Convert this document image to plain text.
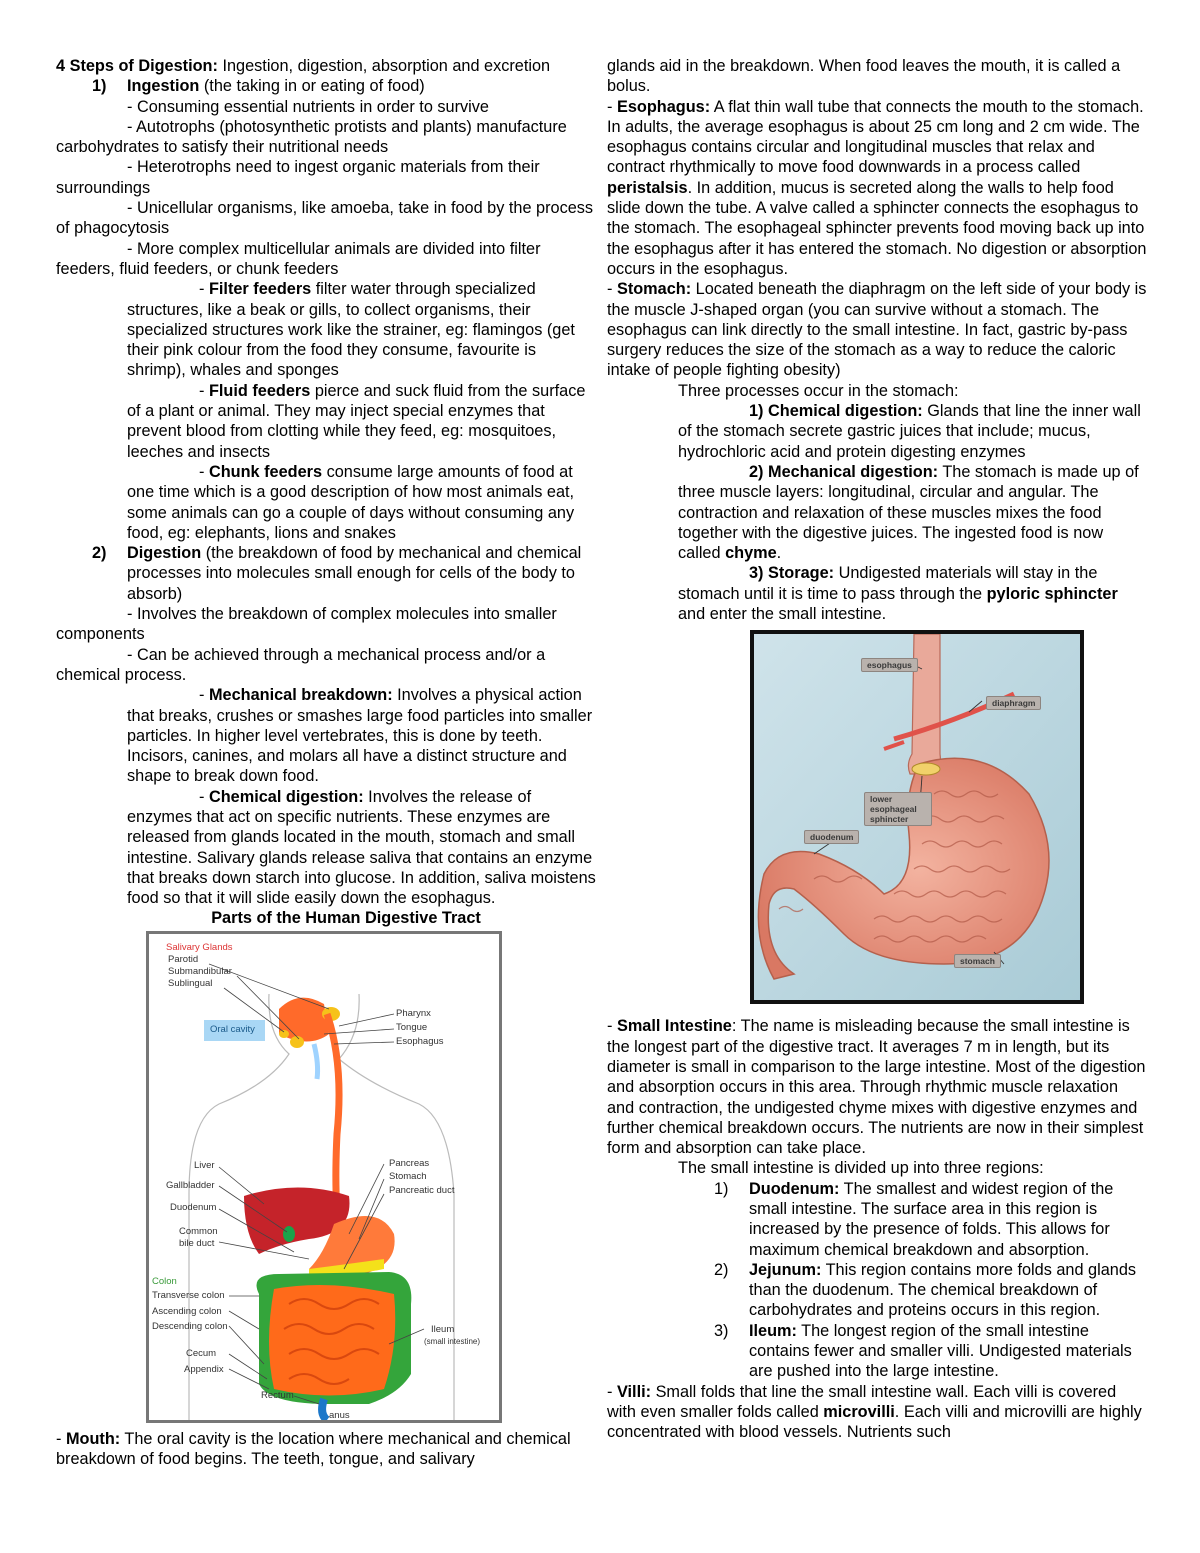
4 Steps of Digestion: Ingestion, digestion, absorption and excretion

1)	Ingestion (the taking in or eating of food)

- Consuming essential nutrients in order to survive

- Autotrophs (photosynthetic protists and plants) manufacture carbohydrates to satisfy their nutritional needs

- Heterotrophs need to ingest organic materials from their surroundings

- Unicellular organisms, like amoeba, take in food by the process of phagocytosis

- More complex multicellular animals are divided into filter feeders, fluid feeders, or chunk feeders

- Filter feeders filter water through specialized structures, like a beak or gills, to collect organisms, their specialized structures work like the strainer, eg: flamingos (get their pink colour from the food they consume, favourite is shrimp), whales and sponges

- Fluid feeders pierce and suck fluid from the surface of a plant or animal. They may inject special enzymes that prevent blood from clotting while they feed, eg: mosquitoes, leeches and insects

- Chunk feeders consume large amounts of food at one time which is a good description of how most animals eat, some animals can go a couple of days without consuming any food, eg: elephants, lions and snakes

2)	Digestion (the breakdown of food by mechanical and chemical processes into molecules small enough for cells of the body to absorb)

- Involves the breakdown of complex molecules into smaller components

- Can be achieved through a mechanical process and/or a chemical process.

- Mechanical breakdown: Involves a physical action that breaks, crushes or smashes large food particles into smaller particles. In higher level vertebrates, this is done by teeth. Incisors, canines, and molars all have a distinct structure and shape to break down food.

- Chemical digestion: Involves the release of enzymes that act on specific nutrients. These enzymes are released from glands located in the mouth, stomach and small intestine. Salivary glands release saliva that contains an enzyme that breaks down starch into glucose. In addition, saliva moistens food so that it will slide easily down the esophagus.

Parts of the Human Digestive Tract

Salivary Glands
Parotid
Submandibular
Sublingual
Oral cavity
Pharynx
Tongue
Esophagus
Liver
Gallbladder
Duodenum
Common
bile duct
Pancreas
Stomach
Pancreatic duct
Colon
Transverse colon
Ascending colon
Descending colon
Cecum
Appendix
Rectum
anus
Ileum
(small intestine)

- Mouth: The oral cavity is the location where mechanical and chemical breakdown of food begins. The teeth, tongue, and salivary

glands aid in the breakdown. When food leaves the mouth, it is called a bolus.

- Esophagus: A flat thin wall tube that connects the mouth to the stomach. In adults, the average esophagus is about 25 cm long and 2 cm wide. The esophagus contains circular and longitudinal muscles that relax and contract rhythmically to move food downwards in a process called peristalsis. In addition, mucus is secreted along the walls to help food slide down the tube. A valve called a sphincter connects the esophagus to the stomach. The esophageal sphincter prevents food moving back up into the esophagus after it has entered the stomach. No digestion or absorption occurs in the esophagus.

- Stomach: Located beneath the diaphragm on the left side of your body is the muscle J-shaped organ (you can survive without a stomach. The esophagus can link directly to the small intestine. In fact, gastric by-pass surgery reduces the size of the stomach as a way to reduce the caloric intake of people fighting obesity)

Three processes occur in the stomach:

1) Chemical digestion: Glands that line the inner wall of the stomach secrete gastric juices that include; mucus, hydrochloric acid and protein digesting enzymes

2) Mechanical digestion: The stomach is made up of three muscle layers: longitudinal, circular and angular. The contraction and relaxation of these muscles mixes the food together with the digestive juices. The ingested food is now called chyme.

3) Storage: Undigested materials will stay in the stomach until it is time to pass through the pyloric sphincter and enter the small intestine.

esophagus
diaphragm
lower
esophageal
sphincter
duodenum
stomach

- Small Intestine: The name is misleading because the small intestine is the longest part of the digestive tract. It averages 7 m in length, but its diameter is small in comparison to the large intestine. Most of the digestion and absorption occurs in this area. Through rhythmic muscle relaxation and contraction, the undigested chyme mixes with digestive enzymes and further chemical breakdown occurs. The nutrients are now in their simplest form and absorption can take place.

The small intestine is divided up into three regions:

1)	Duodenum: The smallest and widest region of the small intestine. The surface area in this region is increased by the presence of folds. This allows for maximum chemical breakdown and absorption.
2)	Jejunum: This region contains more folds and glands than the duodenum. The chemical breakdown of carbohydrates and proteins occurs in this region.
3)	Ileum: The longest region of the small intestine contains fewer and smaller villi. Undigested materials are pushed into the large intestine.

- Villi: Small folds that line the small intestine wall. Each villi is covered with even smaller folds called microvilli. Each villi and microvilli are highly concentrated with blood vessels. Nutrients such
